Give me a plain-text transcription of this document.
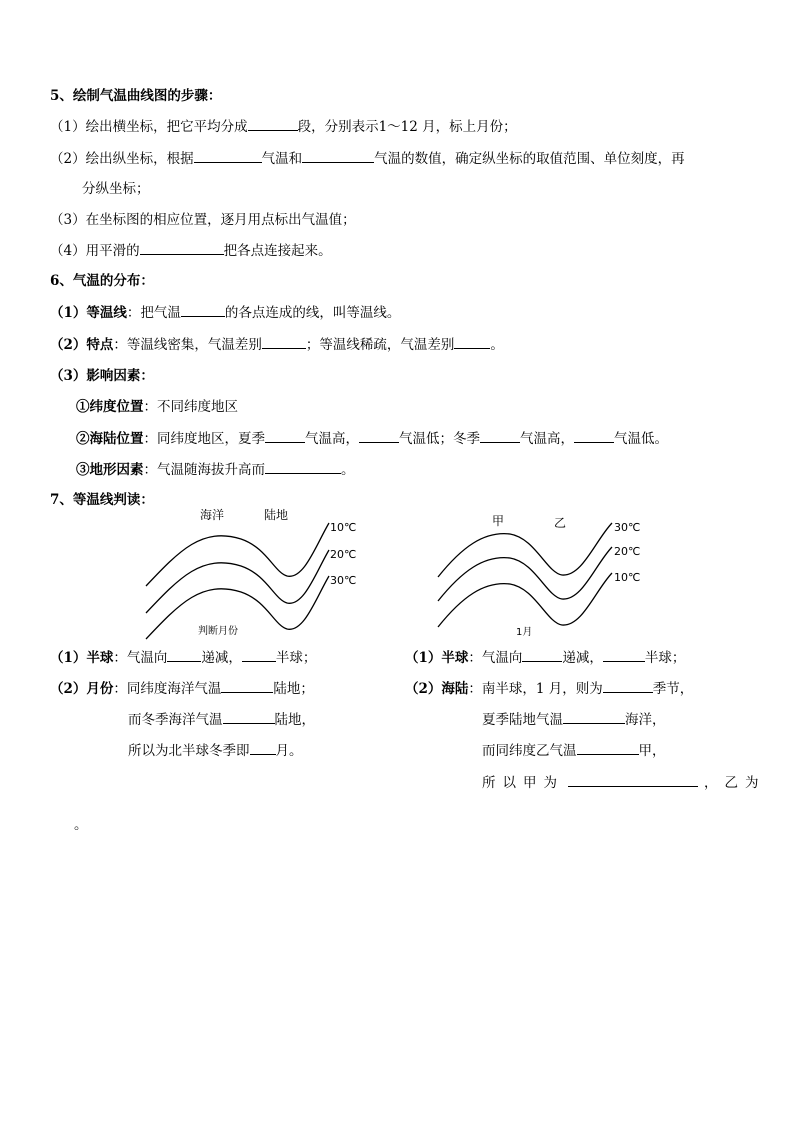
5、绘制气温曲线图的步骤：
（1）绘出横坐标，把它平均分成	段，分别表示1～12 月，标上月份；
（2）绘出纵坐标，根据	气温和	气温的数值，确定纵坐标的取值范围、单位刻度，再
分纵坐标；
（3）在坐标图的相应位置，逐月用点标出气温值；
（4）用平滑的	把各点连接起来。
6、气温的分布：
（1）等温线：把气温	的各点连成的线，叫等温线。
（2）特点：等温线密集，气温差别	；等温线稀疏，气温差别	。
（3）影响因素：
①纬度位置：不同纬度地区
②海陆位置：同纬度地区，夏季	气温高，	气温低；冬季	气温高，	气温低。
③地形因素：气温随海拔升高而	。
7、等温线判读：
海洋	陆地
10℃
20℃
30℃
判断月份
甲	乙	30℃
20℃
10℃
1月
（1）半球：气温向	递减，	半球；
（2）月份：同纬度海洋气温	陆地；
而冬季海洋气温	陆地，
所以为北半球冬季即 月。
（1）半球：气温向	递减，	半球；
（2）海陆：南半球，1 月，则为	季节，
夏季陆地气温	海洋，
而同纬度乙气温	甲，
所以甲为	，乙为
。
